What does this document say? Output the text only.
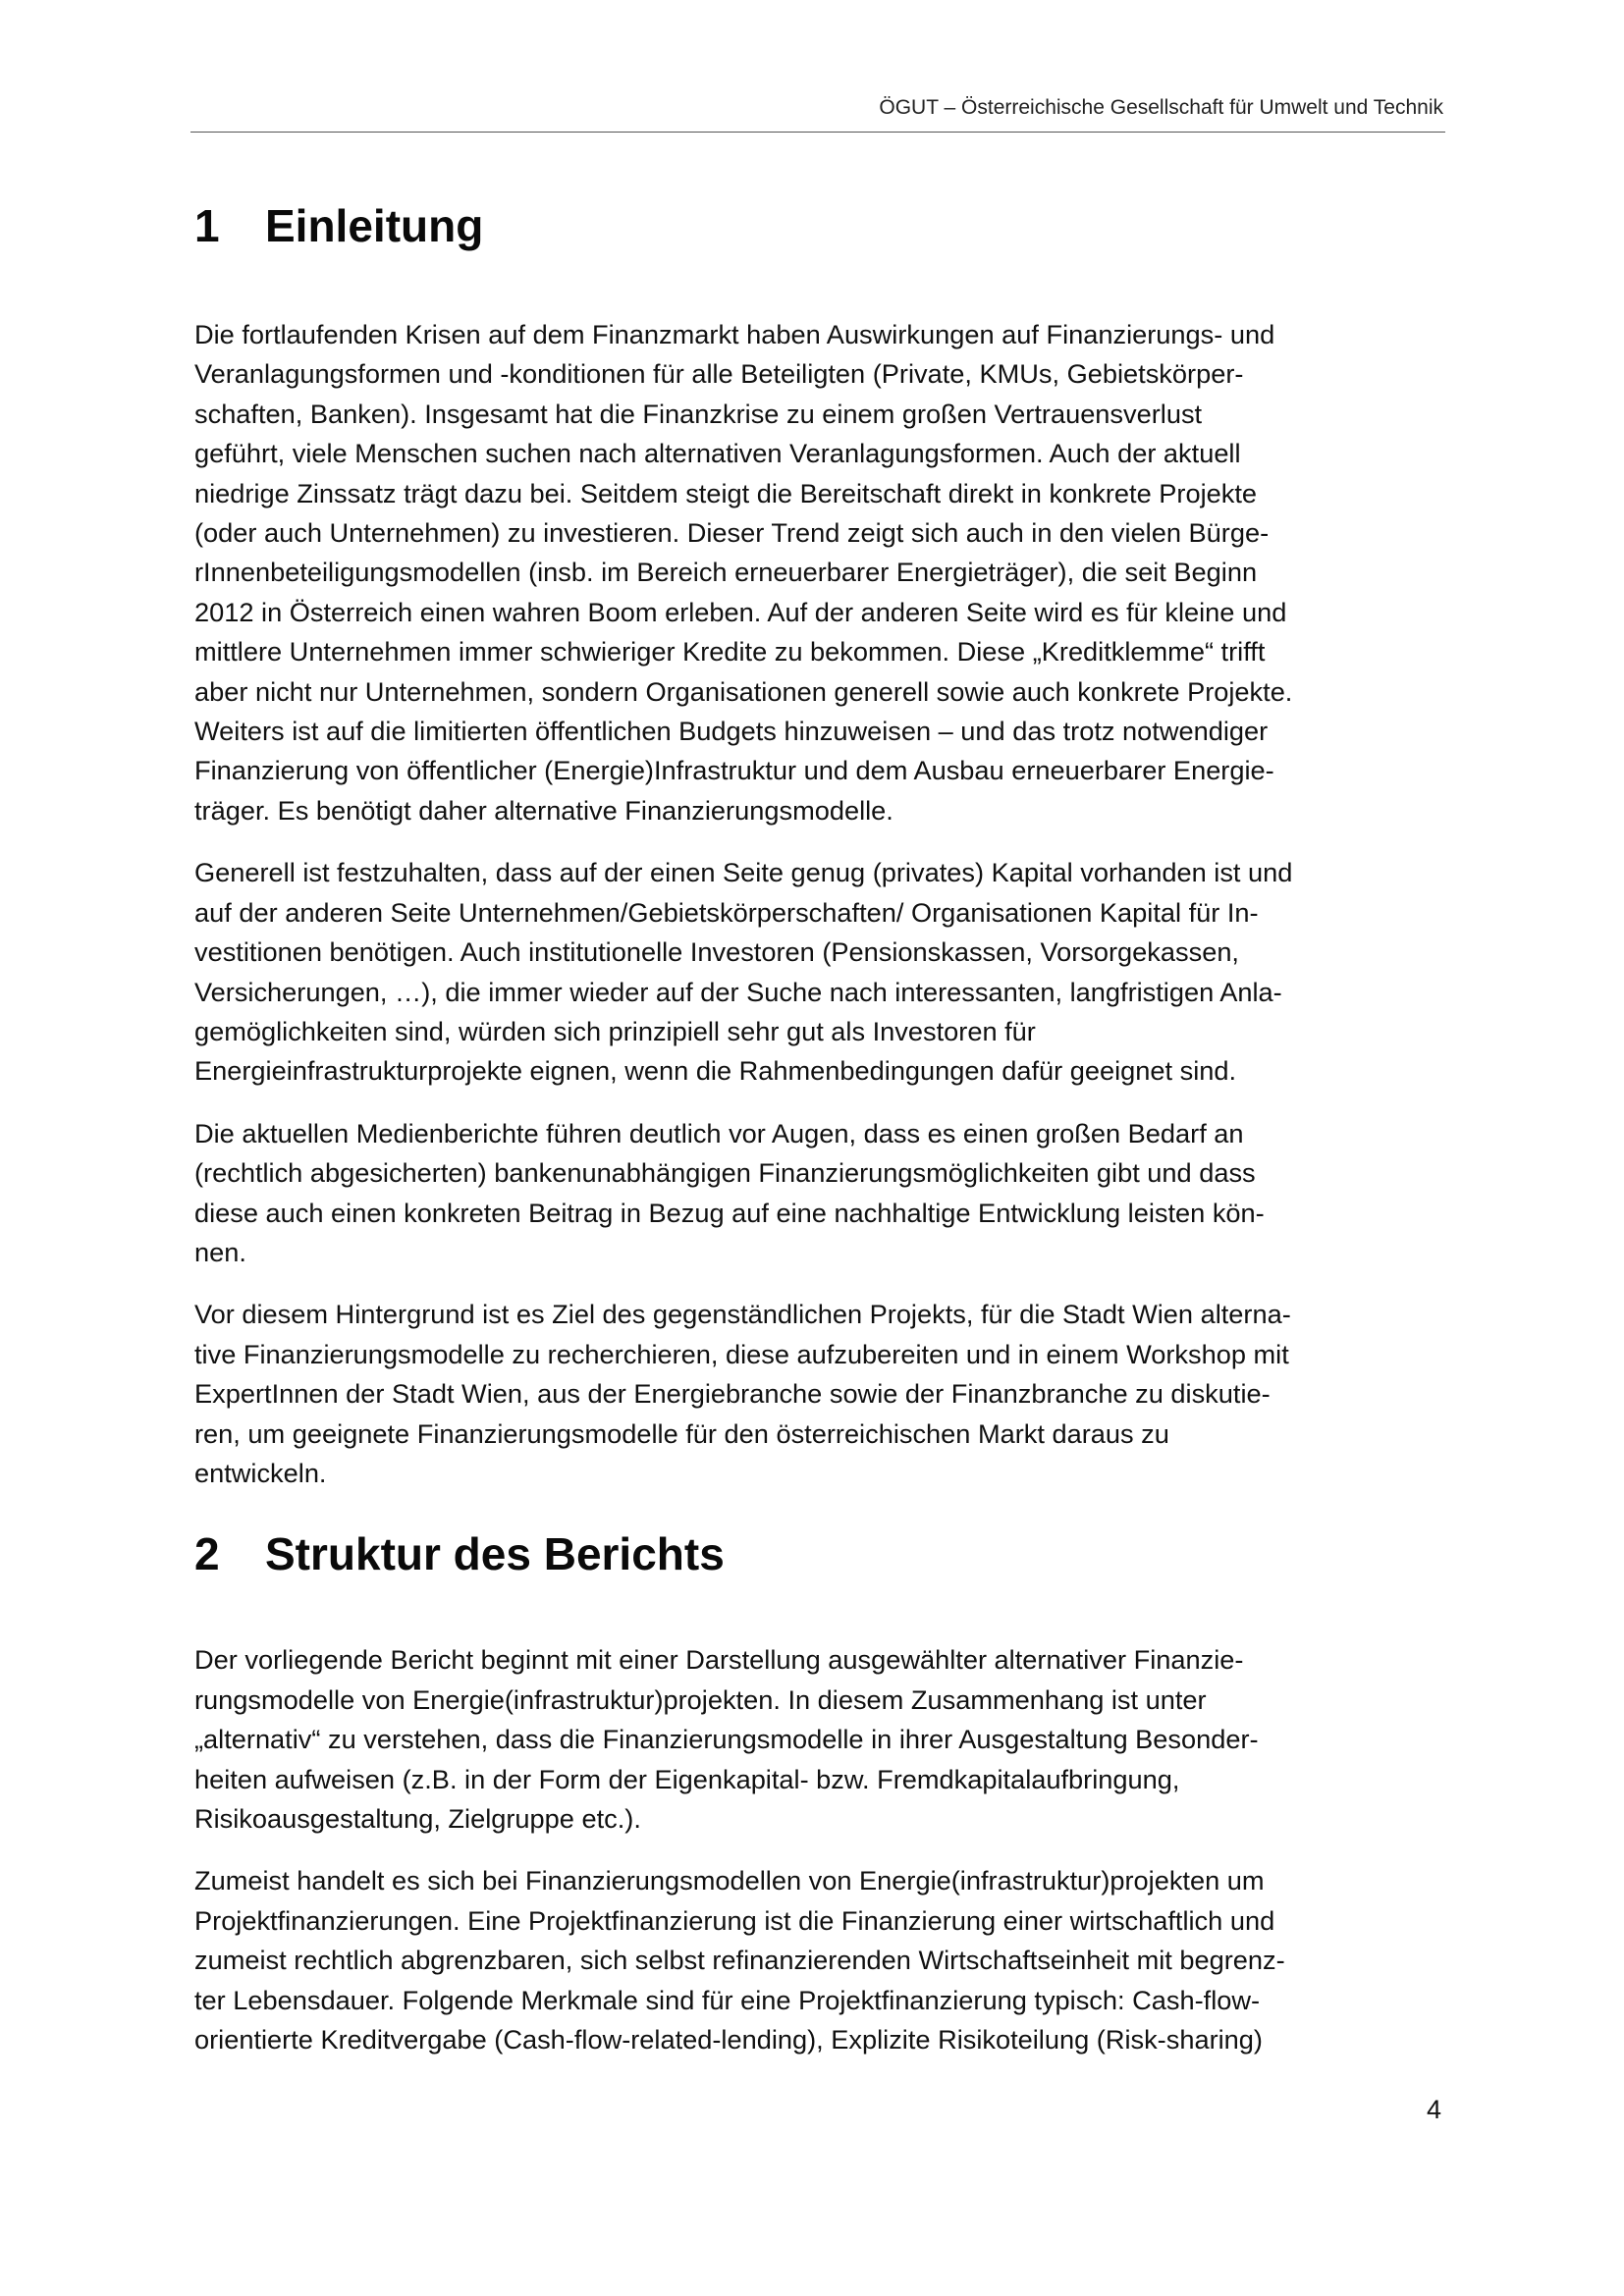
ÖGUT – Österreichische Gesellschaft für Umwelt und Technik
1 Einleitung

Die fortlaufenden Krisen auf dem Finanzmarkt haben Auswirkungen auf Finanzierungs- und
Veranlagungsformen und -konditionen für alle Beteiligten (Private, KMUs, Gebietskörper-
schaften, Banken). Insgesamt hat die Finanzkrise zu einem großen Vertrauensverlust
geführt, viele Menschen suchen nach alternativen Veranlagungsformen. Auch der aktuell
niedrige Zinssatz trägt dazu bei. Seitdem steigt die Bereitschaft direkt in konkrete Projekte
(oder auch Unternehmen) zu investieren. Dieser Trend zeigt sich auch in den vielen Bürge-
rInnenbeteiligungsmodellen (insb. im Bereich erneuerbarer Energieträger), die seit Beginn
2012 in Österreich einen wahren Boom erleben. Auf der anderen Seite wird es für kleine und
mittlere Unternehmen immer schwieriger Kredite zu bekommen. Diese „Kreditklemme“ trifft
aber nicht nur Unternehmen, sondern Organisationen generell sowie auch konkrete Projekte.
Weiters ist auf die limitierten öffentlichen Budgets hinzuweisen – und das trotz notwendiger
Finanzierung von öffentlicher (Energie)Infrastruktur und dem Ausbau erneuerbarer Energie-
träger. Es benötigt daher alternative Finanzierungsmodelle.

Generell ist festzuhalten, dass auf der einen Seite genug (privates) Kapital vorhanden ist und
auf der anderen Seite Unternehmen/Gebietskörperschaften/ Organisationen Kapital für In-
vestitionen benötigen. Auch institutionelle Investoren (Pensionskassen, Vorsorgekassen,
Versicherungen, …), die immer wieder auf der Suche nach interessanten, langfristigen Anla-
gemöglichkeiten sind, würden sich prinzipiell sehr gut als Investoren für
Energieinfrastrukturprojekte eignen, wenn die Rahmenbedingungen dafür geeignet sind.

Die aktuellen Medienberichte führen deutlich vor Augen, dass es einen großen Bedarf an
(rechtlich abgesicherten) bankenunabhängigen Finanzierungsmöglichkeiten gibt und dass
diese auch einen konkreten Beitrag in Bezug auf eine nachhaltige Entwicklung leisten kön-
nen.

Vor diesem Hintergrund ist es Ziel des gegenständlichen Projekts, für die Stadt Wien alterna-
tive Finanzierungsmodelle zu recherchieren, diese aufzubereiten und in einem Workshop mit
ExpertInnen der Stadt Wien, aus der Energiebranche sowie der Finanzbranche zu diskutie-
ren, um geeignete Finanzierungsmodelle für den österreichischen Markt daraus zu
entwickeln.

2 Struktur des Berichts

Der vorliegende Bericht beginnt mit einer Darstellung ausgewählter alternativer Finanzie-
rungsmodelle von Energie(infrastruktur)projekten. In diesem Zusammenhang ist unter
„alternativ“ zu verstehen, dass die Finanzierungsmodelle in ihrer Ausgestaltung Besonder-
heiten aufweisen (z.B. in der Form der Eigenkapital- bzw. Fremdkapitalaufbringung,
Risikoausgestaltung, Zielgruppe etc.).

Zumeist handelt es sich bei Finanzierungsmodellen von Energie(infrastruktur)projekten um
Projektfinanzierungen. Eine Projektfinanzierung ist die Finanzierung einer wirtschaftlich und
zumeist rechtlich abgrenzbaren, sich selbst refinanzierenden Wirtschaftseinheit mit begrenz-
ter Lebensdauer. Folgende Merkmale sind für eine Projektfinanzierung typisch: Cash-flow-
orientierte Kreditvergabe (Cash-flow-related-lending), Explizite Risikoteilung (Risk-sharing)

4
